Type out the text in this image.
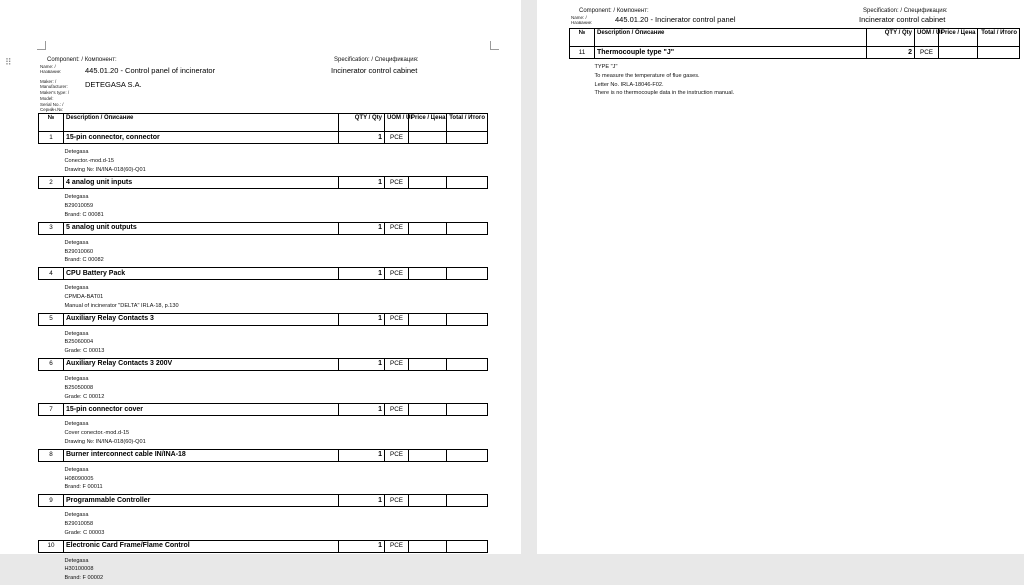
⠿	Component: / Компонент:
Name: / Название:	445.01.20 - Control panel of incinerator
Specification: / Спецификация:
Incinerator control cabinet
Maker: / Manufacturer: DETEGASA S.A.
Maker's type: /
Model:
Serial No.: /
Серийн.№:
№	Description / Описание	QTY / Qty	UOM / UI	Price / Цена	Total / Итого
1	15-pin connector, connector	1	PCE		

Detegasa
Conector.-mod.d-15
Drawing №: IN/INA-018(60)-Q01					

2	4 analog unit inputs	1	PCE		

Detegasa
B29010059
Brand: C 00081					

3	5 analog unit outputs	1	PCE		

Detegasa
B29010060
Brand: C 00082					

4	CPU Battery Pack	1	PCE		

Detegasa
CPMDA-BAT01
Manual of incinerator "DELTA" IRLA-18, p.130					

5	Auxiliary Relay Contacts 3	1	PCE		

Detegasa
B25060004
Grade: C 00013					

6	Auxiliary Relay Contacts 3 200V	1	PCE		

Detegasa
B25050008
Grade: C 00012					

7	15-pin connector cover	1	PCE		

Detegasa
Cover conector.-mod.d-15
Drawing №: IN/INA-018(60)-Q01					

8	Burner interconnect cable IN/INA-18	1	PCE		

Detegasa
H08090005
Brand: F 00011					

9	Programmable Controller	1	PCE		

Detegasa
B29010058
Grade: C 00003					

10	Electronic Card Frame/Flame Control	1	PCE		

Detegasa
H30100008
Brand: F 00002					
Component: / Компонент:
Name: / Название:	445.01.20 - Incinerator control panel
Specification: / Спецификация:
Incinerator control cabinet
№	Description / Описание	QTY / Qty	UOM / UI	Price / Цена	Total / Итого
11	Thermocouple type "J"	2	PCE		

TYPE "J"
To measure the temperature of flue gases.
Letter No. IRLA-18046-F02.
There is no thermocouple data in the instruction manual.					
